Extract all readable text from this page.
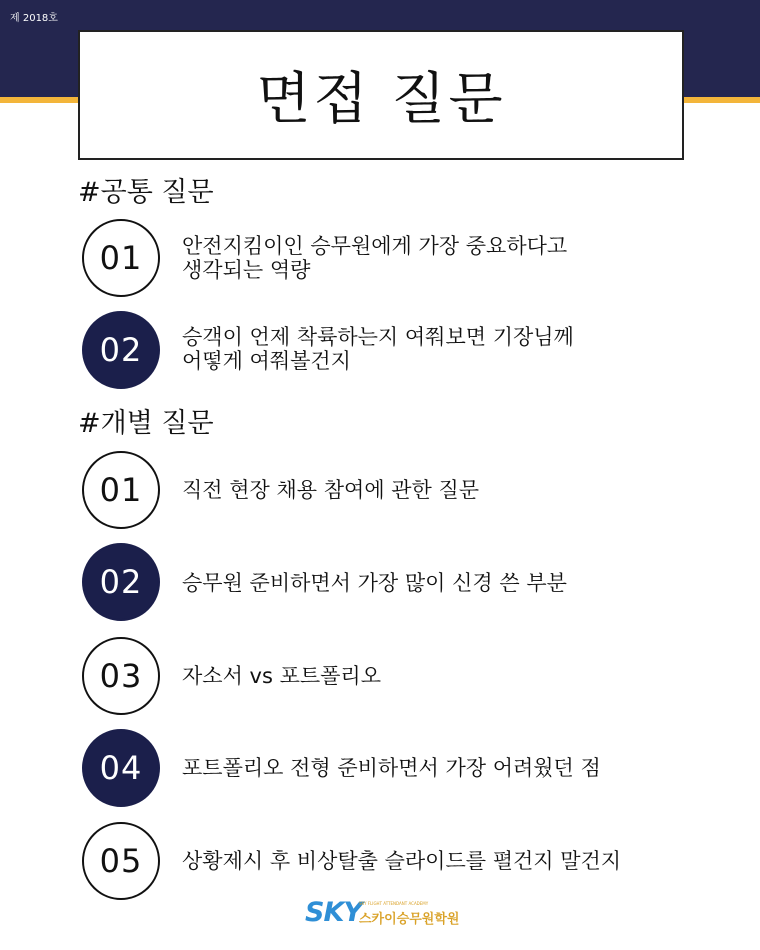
제 2018호
면접 질문
#공통 질문
01	안전지킴이인 승무원에게 가장 중요하다고
생각되는 역량
02	승객이 언제 착륙하는지 여쭤보면 기장님께
어떻게 여쭤볼건지
#개별 질문
01	직전 현장 채용 참여에 관한 질문
02	승무원 준비하면서 가장 많이 신경 쓴 부분
03	자소서 vs 포트폴리오
04	포트폴리오 전형 준비하면서 가장 어려웠던 점
05	상황제시 후 비상탈출 슬라이드를 펼건지 말건지
SKY
SKY FLIGHT ATTENDANT ACADEMY
스카이승무원학원
